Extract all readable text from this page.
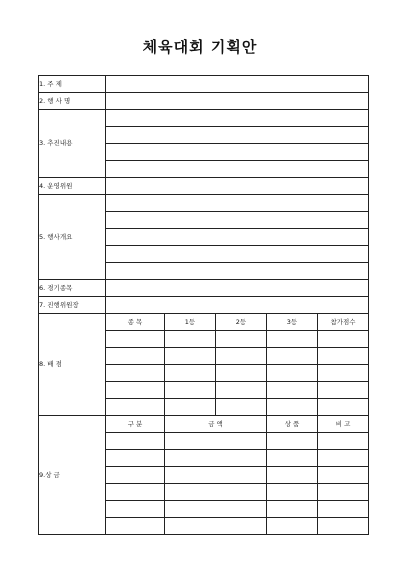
체육대회 기획안
1. 주 제					
2. 행 사 명					
3. 추진내용					

4. 운영위원					
5. 행사개요					

6. 경기종목					
7. 진행위원장					
8. 배 점	종 목	1등	2등	3등	참가점수

9.상 금	구 분	금 액		상 품	비 고
